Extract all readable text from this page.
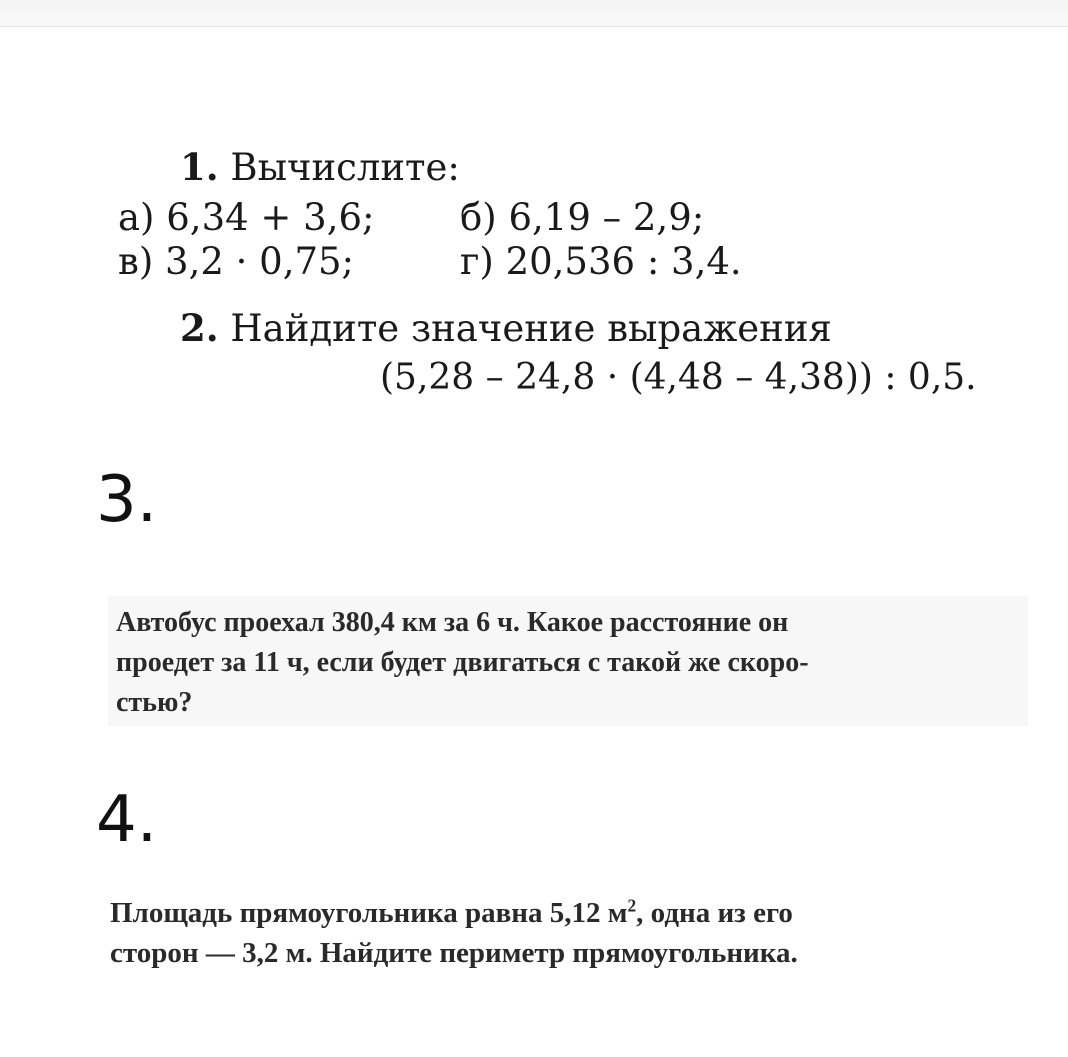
1. Вычислите:
а) 6,34 + 3,6; б) 6,19 – 2,9;
в) 3,2 · 0,75;	г) 20,536 : 3,4.
2. Найдите значение выражения
(5,28 – 24,8 · (4,48 – 4,38)) : 0,5.
3.
Автобус проехал 380,4 км за 6 ч. Какое расстояние он
проедет за 11 ч, если будет двигаться с такой же скоро-
стью?
4.
Площадь прямоугольника равна 5,12 $м^2$, одна из его
сторон — 3,2 м. Найдите периметр прямоугольника.
